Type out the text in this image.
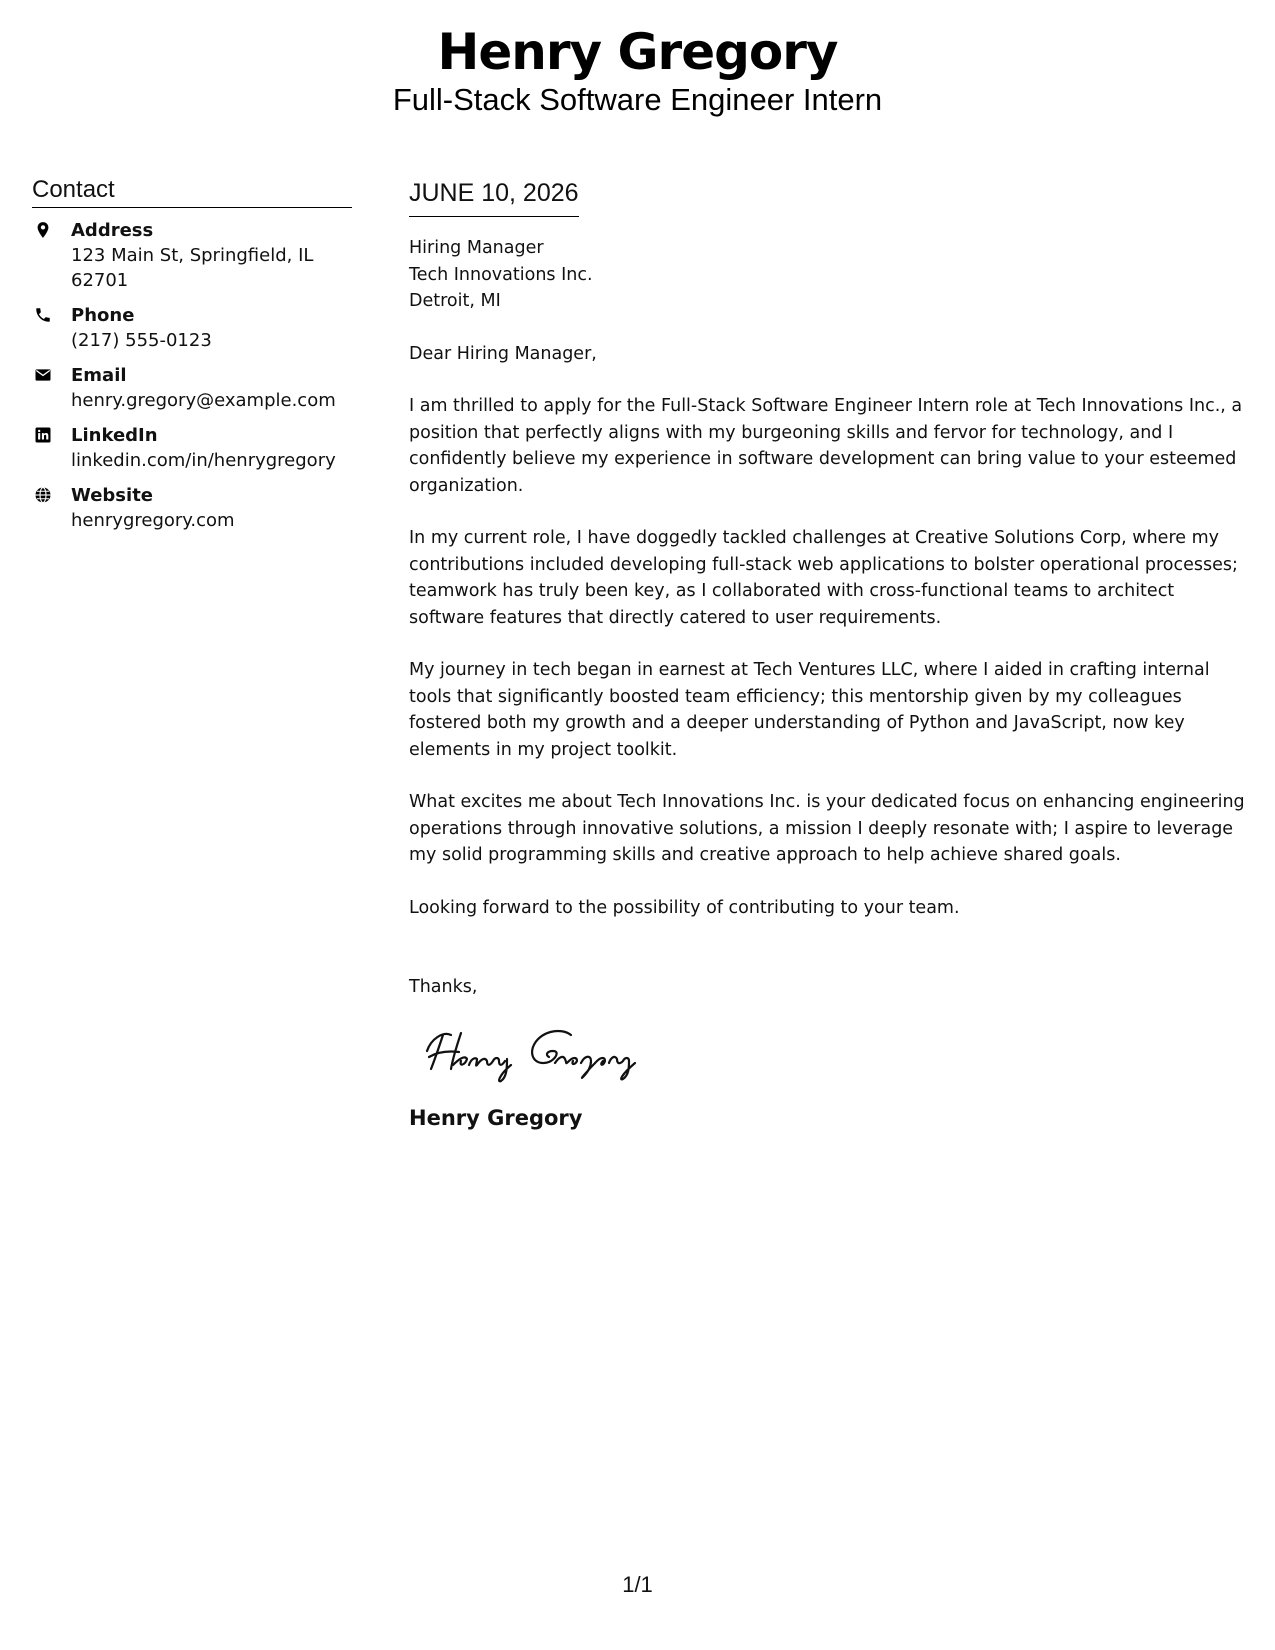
Henry Gregory
Full-Stack Software Engineer Intern
Contact
Address
123 Main St, Springfield, IL 62701
Phone
(217) 555-0123
Email
henry.gregory@example.com
LinkedIn
linkedin.com/in/henrygregory
Website
henrygregory.com
JUNE 10, 2026
Hiring Manager
Tech Innovations Inc.
Detroit, MI
Dear Hiring Manager,
I am thrilled to apply for the Full-Stack Software Engineer Intern role at Tech Innovations Inc., a position that perfectly aligns with my burgeoning skills and fervor for technology, and I confidently believe my experience in software development can bring value to your esteemed organization.
In my current role, I have doggedly tackled challenges at Creative Solutions Corp, where my contributions included developing full-stack web applications to bolster operational processes; teamwork has truly been key, as I collaborated with cross-functional teams to architect software features that directly catered to user requirements.
My journey in tech began in earnest at Tech Ventures LLC, where I aided in crafting internal tools that significantly boosted team efficiency; this mentorship given by my colleagues fostered both my growth and a deeper understanding of Python and JavaScript, now key elements in my project toolkit.
What excites me about Tech Innovations Inc. is your dedicated focus on enhancing engineering operations through innovative solutions, a mission I deeply resonate with; I aspire to leverage my solid programming skills and creative approach to help achieve shared goals.
Looking forward to the possibility of contributing to your team.
Thanks,
Henry Gregory
1/1
